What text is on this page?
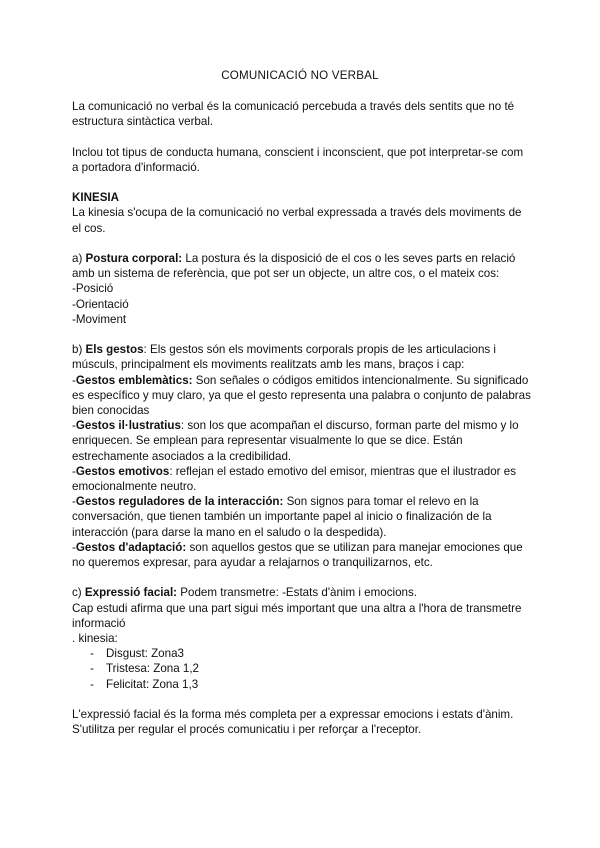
COMUNICACIÓ NO VERBAL

La comunicació no verbal és la comunicació percebuda a través dels sentits que no té estructura sintàctica verbal.

Inclou tot tipus de conducta humana, conscient i inconscient, que pot interpretar-se com a portadora d'informació.

KINESIA

La kinesia s'ocupa de la comunicació no verbal expressada a través dels moviments de el cos.

a) Postura corporal: La postura és la disposició de el cos o les seves parts en relació amb un sistema de referència, que pot ser un objecte, un altre cos, o el mateix cos:

-Posició

-Orientació

-Moviment

b) Els gestos: Els gestos són els moviments corporals propis de les articulacions i músculs, principalment els moviments realitzats amb les mans, braços i cap:

-Gestos emblemàtics: Son señales o códigos emitidos intencionalmente. Su significado es específico y muy claro, ya que el gesto representa una palabra o conjunto de palabras bien conocidas

-Gestos il·lustratius: son los que acompañan el discurso, forman parte del mismo y lo enriquecen. Se emplean para representar visualmente lo que se dice. Están estrechamente asociados a la credibilidad.

-Gestos emotivos: reflejan el estado emotivo del emisor, mientras que el ilustrador es emocionalmente neutro.

-Gestos reguladores de la interacción: Son signos para tomar el relevo en la conversación, que tienen también un importante papel al inicio o finalización de la interacción (para darse la mano en el saludo o la despedida).

-Gestos d'adaptació: son aquellos gestos que se utilizan para manejar emociones que no queremos expresar, para ayudar a relajarnos o tranquilizarnos, etc.

c) Expressió facial: Podem transmetre: -Estats d'ànim i emocions.

Cap estudi afirma que una part sigui més important que una altra a l'hora de transmetre informació

. kinesia:

- Disgust: Zona3
- Tristesa: Zona 1,2
- Felicitat: Zona 1,3

L'expressió facial és la forma més completa per a expressar emocions i estats d'ànim.

S'utilitza per regular el procés comunicatiu i per reforçar a l'receptor.
